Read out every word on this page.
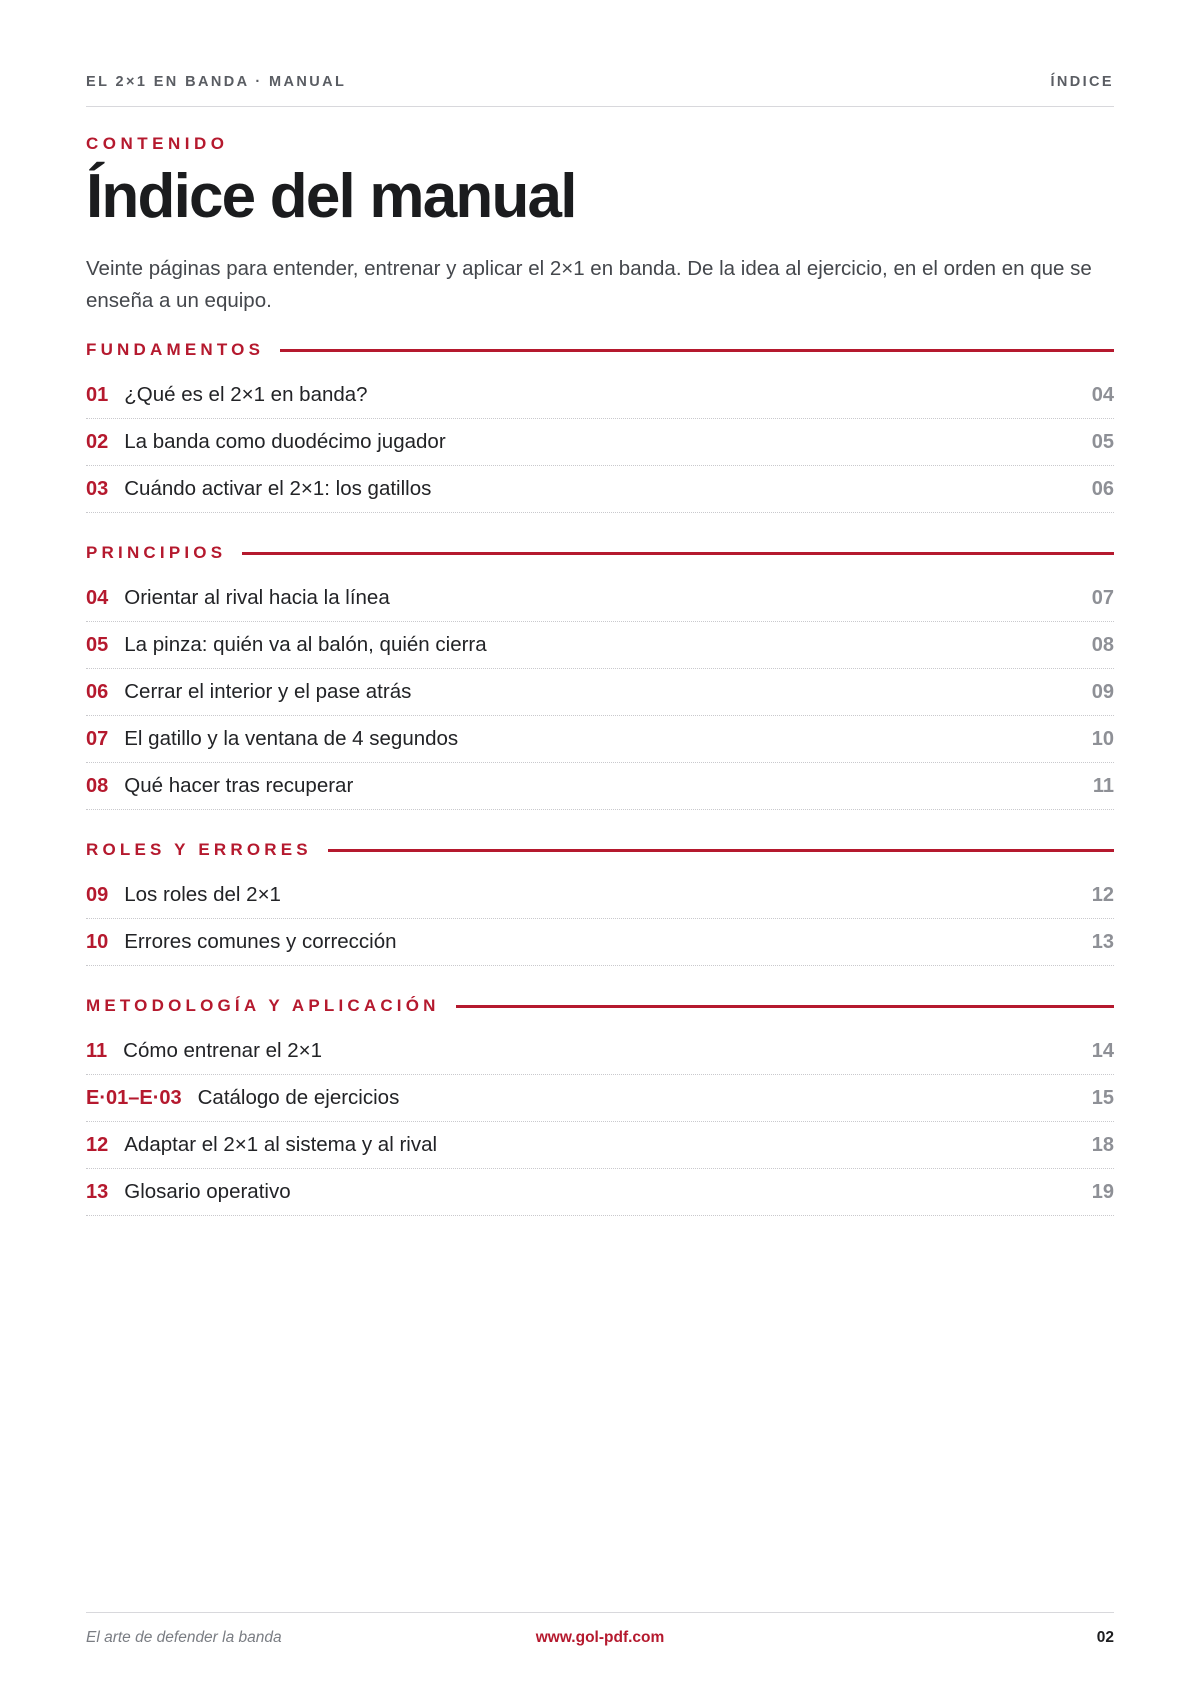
EL 2×1 EN BANDA · MANUAL	ÍNDICE
CONTENIDO
Índice del manual

Veinte páginas para entender, entrenar y aplicar el 2×1 en banda. De la idea al ejercicio, en el orden en que se enseña a un equipo.

FUNDAMENTOS
01 ¿Qué es el 2×1 en banda?	04
02 La banda como duodécimo jugador	05
03 Cuándo activar el 2×1: los gatillos	06
PRINCIPIOS
04 Orientar al rival hacia la línea	07
05 La pinza: quién va al balón, quién cierra	08
06 Cerrar el interior y el pase atrás	09
07 El gatillo y la ventana de 4 segundos	10
08 Qué hacer tras recuperar	11
ROLES Y ERRORES
09 Los roles del 2×1	12
10 Errores comunes y corrección	13
METODOLOGÍA Y APLICACIÓN
11 Cómo entrenar el 2×1	14
E·01–E·03 Catálogo de ejercicios	15
12 Adaptar el 2×1 al sistema y al rival	18
13 Glosario operativo	19
El arte de defender la banda	www.gol-pdf.com	02
